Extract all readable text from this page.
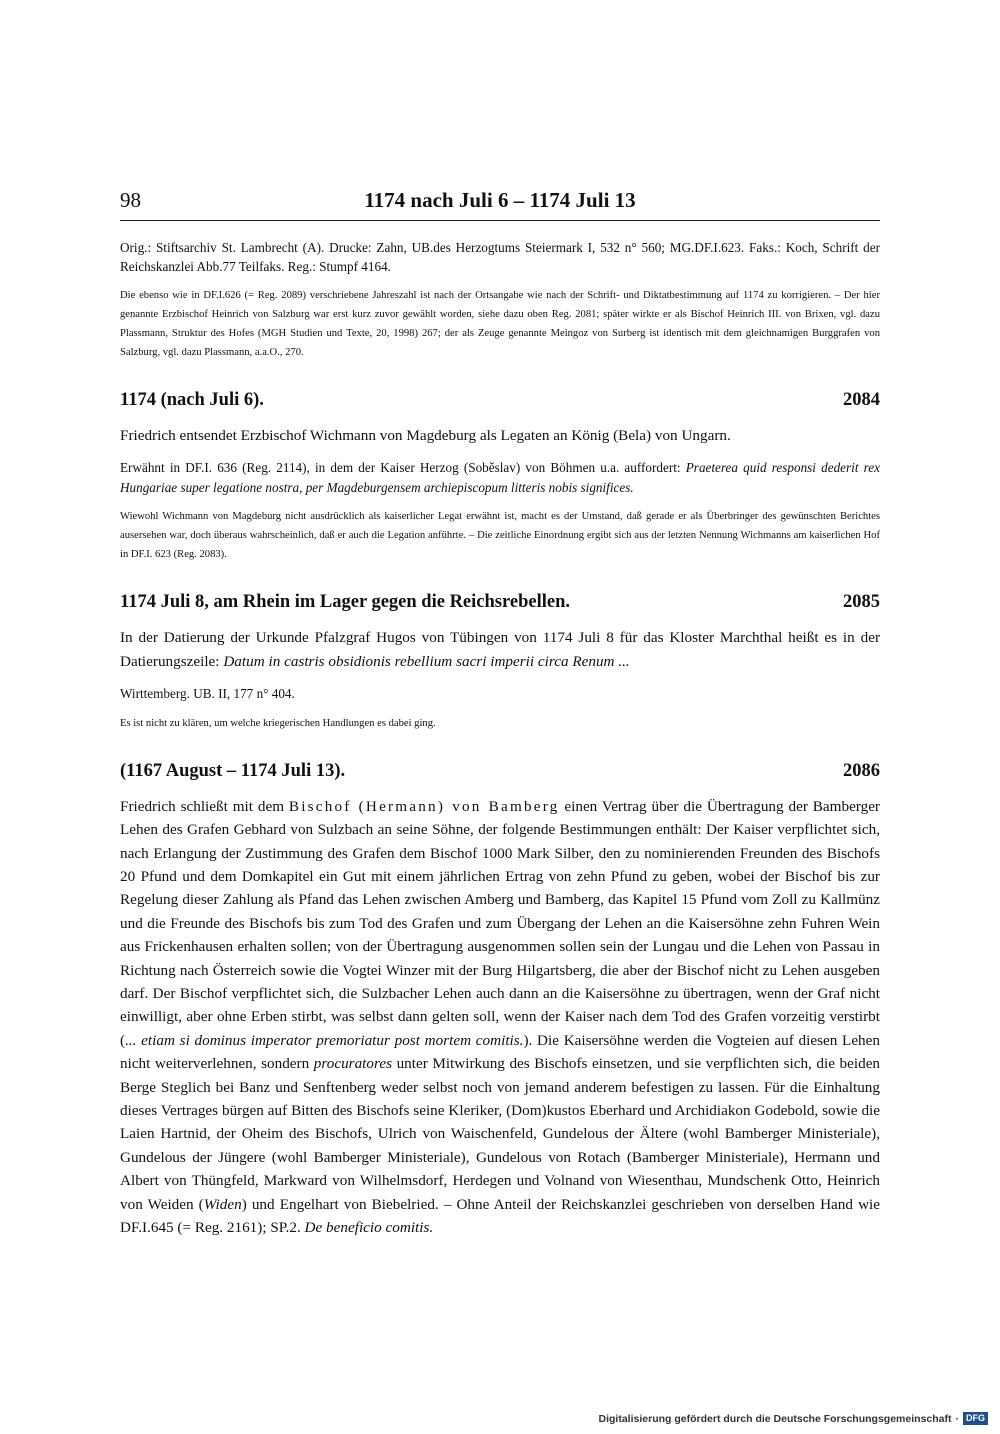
98	1174 nach Juli 6 – 1174 Juli 13

Orig.: Stiftsarchiv St. Lambrecht (A). Drucke: Zahn, UB.des Herzogtums Steiermark I, 532 n° 560; MG.DF.I.623. Faks.: Koch, Schrift der Reichskanzlei Abb.77 Teilfaks. Reg.: Stumpf 4164.

Die ebenso wie in DF.I.626 (= Reg. 2089) verschriebene Jahreszahl ist nach der Ortsangabe wie nach der Schrift- und Diktatbestimmung auf 1174 zu korrigieren. – Der hier genannte Erzbischof Heinrich von Salzburg war erst kurz zuvor gewählt worden, siehe dazu oben Reg. 2081; später wirkte er als Bischof Heinrich III. von Brixen, vgl. dazu Plassmann, Struktur des Hofes (MGH Studien und Texte, 20, 1998) 267; der als Zeuge genannte Meingoz von Surberg ist identisch mit dem gleichnamigen Burggrafen von Salzburg, vgl. dazu Plassmann, a.a.O., 270.

1174 (nach Juli 6).	2084

Friedrich entsendet Erzbischof Wichmann von Magdeburg als Legaten an König (Bela) von Ungarn.

Erwähnt in DF.I. 636 (Reg. 2114), in dem der Kaiser Herzog (Soběslav) von Böhmen u.a. auffordert: Praeterea quid responsi dederit rex Hungariae super legatione nostra, per Magdeburgensem archiepiscopum litteris nobis significes.

Wiewohl Wichmann von Magdeburg nicht ausdrücklich als kaiserlicher Legat erwähnt ist, macht es der Umstand, daß gerade er als Überbringer des gewünschten Berichtes ausersehen war, doch überaus wahrscheinlich, daß er auch die Legation anführte. – Die zeitliche Einordnung ergibt sich aus der letzten Nennung Wichmanns am kaiserlichen Hof in DF.I. 623 (Reg. 2083).

1174 Juli 8, am Rhein im Lager gegen die Reichsrebellen.	2085

In der Datierung der Urkunde Pfalzgraf Hugos von Tübingen von 1174 Juli 8 für das Kloster Marchthal heißt es in der Datierungszeile: Datum in castris obsidionis rebellium sacri imperii circa Renum ...

Wirttemberg. UB. II, 177 n° 404.

Es ist nicht zu klären, um welche kriegerischen Handlungen es dabei ging.

(1167 August – 1174 Juli 13).	2086

Friedrich schließt mit dem Bischof (Hermann) von Bamberg einen Vertrag über die Übertragung der Bamberger Lehen des Grafen Gebhard von Sulzbach an seine Söhne, der folgende Bestimmungen enthält: Der Kaiser verpflichtet sich, nach Erlangung der Zustimmung des Grafen dem Bischof 1000 Mark Silber, den zu nominierenden Freunden des Bischofs 20 Pfund und dem Domkapitel ein Gut mit einem jährlichen Ertrag von zehn Pfund zu geben, wobei der Bischof bis zur Regelung dieser Zahlung als Pfand das Lehen zwischen Amberg und Bamberg, das Kapitel 15 Pfund vom Zoll zu Kallmünz und die Freunde des Bischofs bis zum Tod des Grafen und zum Übergang der Lehen an die Kaisersöhne zehn Fuhren Wein aus Frickenhausen erhalten sollen; von der Übertragung ausgenommen sollen sein der Lungau und die Lehen von Passau in Richtung nach Österreich sowie die Vogtei Winzer mit der Burg Hilgartsberg, die aber der Bischof nicht zu Lehen ausgeben darf. Der Bischof verpflichtet sich, die Sulzbacher Lehen auch dann an die Kaisersöhne zu übertragen, wenn der Graf nicht einwilligt, aber ohne Erben stirbt, was selbst dann gelten soll, wenn der Kaiser nach dem Tod des Grafen vorzeitig verstirbt (... etiam si dominus imperator premoriatur post mortem comitis.). Die Kaisersöhne werden die Vogteien auf diesen Lehen nicht weiterverlehnen, sondern procuratores unter Mitwirkung des Bischofs einsetzen, und sie verpflichten sich, die beiden Berge Steglich bei Banz und Senftenberg weder selbst noch von jemand anderem befestigen zu lassen. Für die Einhaltung dieses Vertrages bürgen auf Bitten des Bischofs seine Kleriker, (Dom)kustos Eberhard und Archidiakon Godebold, sowie die Laien Hartnid, der Oheim des Bischofs, Ulrich von Waischenfeld, Gundelous der Ältere (wohl Bamberger Ministeriale), Gundelous der Jüngere (wohl Bamberger Ministeriale), Gundelous von Rotach (Bamberger Ministeriale), Hermann und Albert von Thüngfeld, Markward von Wilhelmsdorf, Herdegen und Volnand von Wiesenthau, Mundschenk Otto, Heinrich von Weiden (Widen) und Engelhart von Biebelried. – Ohne Anteil der Reichskanzlei geschrieben von derselben Hand wie DF.I.645 (= Reg. 2161); SP.2. De beneficio comitis.

Digitalisierung gefördert durch die Deutsche Forschungsgemeinschaft · DFG
